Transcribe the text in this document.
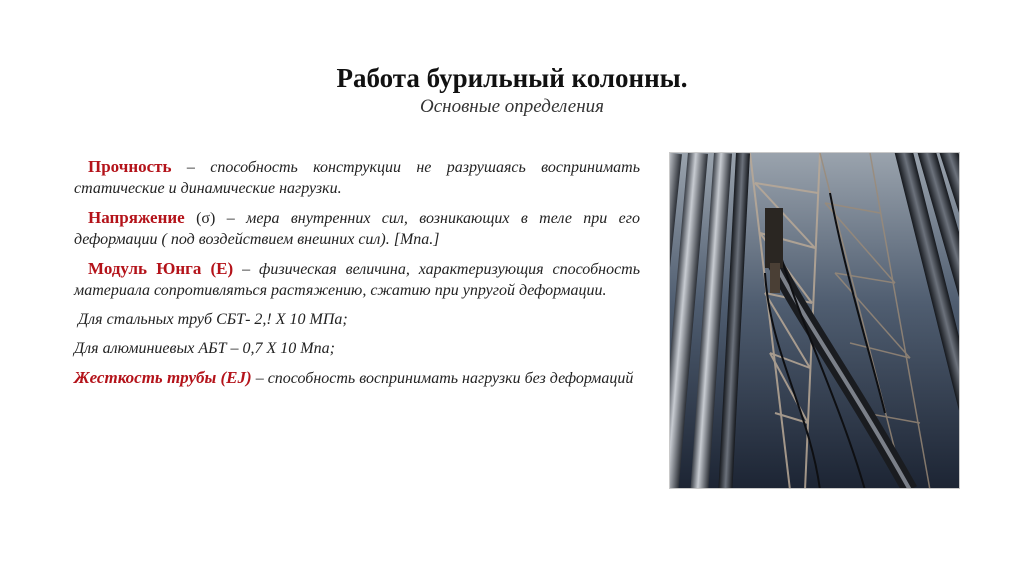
Работа бурильный колонны.
Основные определения

Прочность – способность конструкции не разрушаясь воспринимать статические и динамические нагрузки.

Напряжение (σ) – мера внутренних сил, возникающих в теле при его деформации ( под воздействием внешних сил). [Мпа.]

Модуль Юнга (E) – физическая величина, характеризующия способность материала сопротивляться растяжению, сжатию при упругой деформации.

Для стальных труб СБТ- 2,! X 10 МПа;

Для алюминиевых АБТ – 0,7 X 10 Мпа;

Жесткость трубы (EJ) – способность воспринимать нагрузки без деформаций
